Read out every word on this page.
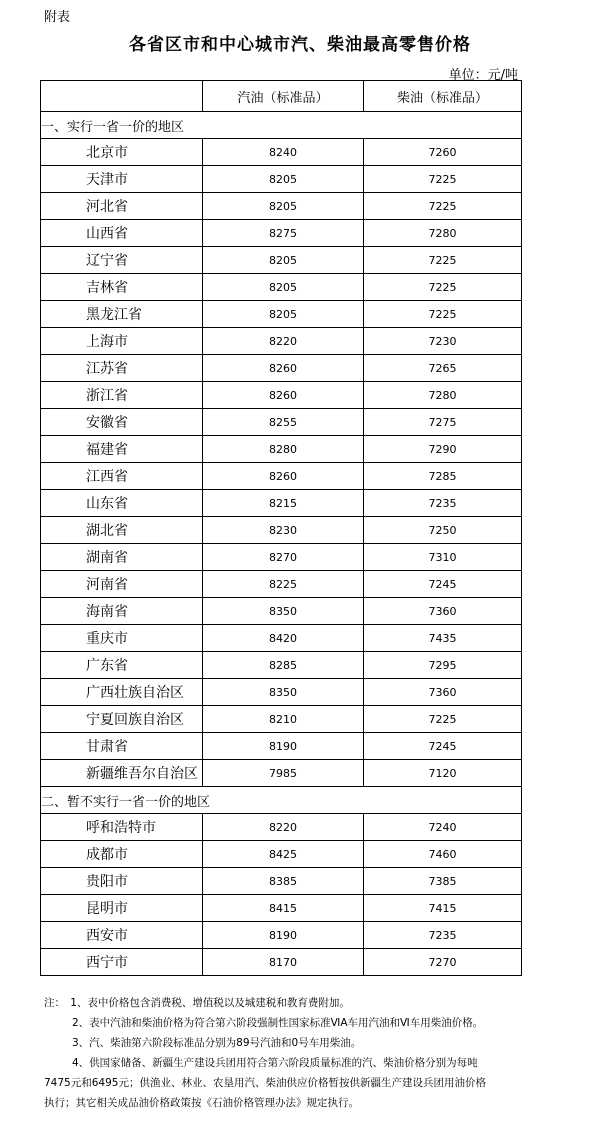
附表
各省区市和中心城市汽、柴油最高零售价格
单位：元/吨
	汽油（标准品）	柴油（标准品）
一、实行一省一价的地区		
北京市	8240	7260
天津市	8205	7225
河北省	8205	7225
山西省	8275	7280
辽宁省	8205	7225
吉林省	8205	7225
黑龙江省	8205	7225
上海市	8220	7230
江苏省	8260	7265
浙江省	8260	7280
安徽省	8255	7275
福建省	8280	7290
江西省	8260	7285
山东省	8215	7235
湖北省	8230	7250
湖南省	8270	7310
河南省	8225	7245
海南省	8350	7360
重庆市	8420	7435
广东省	8285	7295
广西壮族自治区	8350	7360
宁夏回族自治区	8210	7225
甘肃省	8190	7245
新疆维吾尔自治区	7985	7120
二、暂不实行一省一价的地区		
呼和浩特市	8220	7240
成都市	8425	7460
贵阳市	8385	7385
昆明市	8415	7415
西安市	8190	7235
西宁市	8170	7270

注：　1、表中价格包含消费税、增值税以及城建税和教育费附加。

2、表中汽油和柴油价格为符合第六阶段强制性国家标准ⅥA车用汽油和Ⅵ车用柴油价格。

3、汽、柴油第六阶段标准品分别为89号汽油和0号车用柴油。

4、供国家储备、新疆生产建设兵团用符合第六阶段质量标准的汽、柴油价格分别为每吨

7475元和6495元；供渔业、林业、农垦用汽、柴油供应价格暂按供新疆生产建设兵团用油价格

执行；其它相关成品油价格政策按《石油价格管理办法》规定执行。
